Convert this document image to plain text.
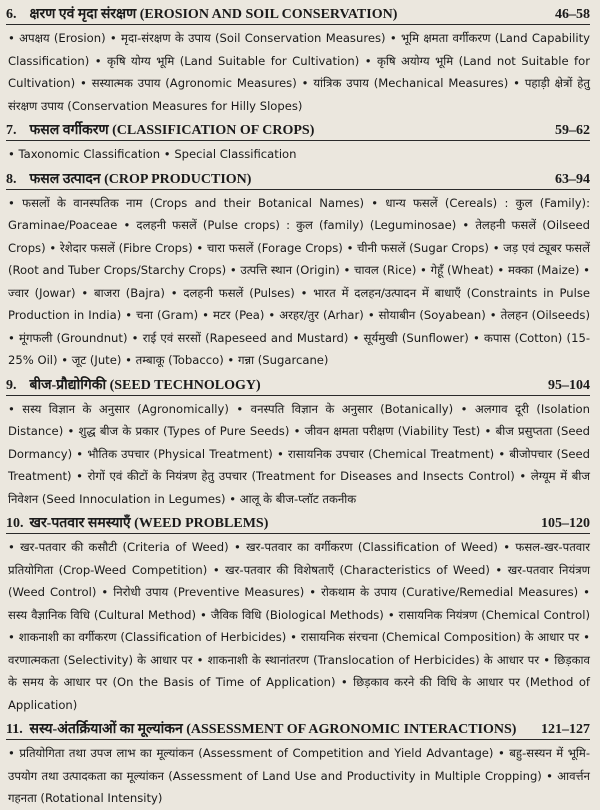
6. क्षरण एवं मृदा संरक्षण (EROSION AND SOIL CONSERVATION)	46–58
• अपक्षय (Erosion) • मृदा-संरक्षण के उपाय (Soil Conservation Measures) • भूमि क्षमता वर्गीकरण (Land Capability Classification) • कृषि योग्य भूमि (Land Suitable for Cultivation) • कृषि अयोग्य भूमि (Land not Suitable for Cultivation) • सस्यात्मक उपाय (Agronomic Measures) • यांत्रिक उपाय (Mechanical Measures) • पहाड़ी क्षेत्रों हेतु संरक्षण उपाय (Conservation Measures for Hilly Slopes)
7. फसल वर्गीकरण (CLASSIFICATION OF CROPS)	59–62
• Taxonomic Classification • Special Classification
8. फसल उत्पादन (CROP PRODUCTION)	63–94
• फसलों के वानस्पतिक नाम (Crops and their Botanical Names) • धान्य फसलें (Cereals) : कुल (Family): Graminae/Poaceae • दलहनी फसलें (Pulse crops) : कुल (family) (Leguminosae) • तेलहनी फसलें (Oilseed Crops) • रेशेदार फसलें (Fibre Crops) • चारा फसलें (Forage Crops) • चीनी फसलें (Sugar Crops) • जड़ एवं ट्यूबर फसलें (Root and Tuber Crops/Starchy Crops) • उत्पत्ति स्थान (Origin) • चावल (Rice) • गेहूँ (Wheat) • मक्का (Maize) • ज्वार (Jowar) • बाजरा (Bajra) • दलहनी फसलें (Pulses) • भारत में दलहन/उत्पादन में बाधाएँ (Constraints in Pulse Production in India) • चना (Gram) • मटर (Pea) • अरहर/तुर (Arhar) • सोयाबीन (Soyabean) • तेलहन (Oilseeds) • मूंगफली (Groundnut) • राई एवं सरसों (Rapeseed and Mustard) • सूर्यमुखी (Sunflower) • कपास (Cotton) (15-25% Oil) • जूट (Jute) • तम्बाकू (Tobacco) • गन्ना (Sugarcane)
9. बीज-प्रौद्योगिकी (SEED TECHNOLOGY)	95–104
• सस्य विज्ञान के अनुसार (Agronomically) • वनस्पति विज्ञान के अनुसार (Botanically) • अलगाव दूरी (Isolation Distance) • शुद्ध बीज के प्रकार (Types of Pure Seeds) • जीवन क्षमता परीक्षण (Viability Test) • बीज प्रसुप्तता (Seed Dormancy) • भौतिक उपचार (Physical Treatment) • रासायनिक उपचार (Chemical Treatment) • बीजोपचार (Seed Treatment) • रोगों एवं कीटों के नियंत्रण हेतु उपचार (Treatment for Diseases and Insects Control) • लेग्यूम में बीज निवेशन (Seed Innoculation in Legumes) • आलू के बीज-प्लॉट तकनीक
10. खर-पतवार समस्याएँ (WEED PROBLEMS)	105–120
• खर-पतवार की कसौटी (Criteria of Weed) • खर-पतवार का वर्गीकरण (Classification of Weed) • फसल-खर-पतवार प्रतियोगिता (Crop-Weed Competition) • खर-पतवार की विशेषताएँ (Characteristics of Weed) • खर-पतवार नियंत्रण (Weed Control) • निरोधी उपाय (Preventive Measures) • रोकथाम के उपाय (Curative/Remedial Measures) • सस्य वैज्ञानिक विधि (Cultural Method) • जैविक विधि (Biological Methods) • रासायनिक नियंत्रण (Chemical Control) • शाकनाशी का वर्गीकरण (Classification of Herbicides) • रासायनिक संरचना (Chemical Composition) के आधार पर • वरणात्मकता (Selectivity) के आधार पर • शाकनाशी के स्थानांतरण (Translocation of Herbicides) के आधार पर • छिड़काव के समय के आधार पर (On the Basis of Time of Application) • छिड़काव करने की विधि के आधार पर (Method of Application)
11. सस्य-अंतर्क्रियाओं का मूल्यांकन (ASSESSMENT OF AGRONOMIC INTERACTIONS) 121–127
• प्रतियोगिता तथा उपज लाभ का मूल्यांकन (Assessment of Competition and Yield Advantage) • बहु-सस्यन में भूमि-उपयोग तथा उत्पादकता का मूल्यांकन (Assessment of Land Use and Productivity in Multiple Cropping) • आवर्त्तन गहनता (Rotational Intensity)
